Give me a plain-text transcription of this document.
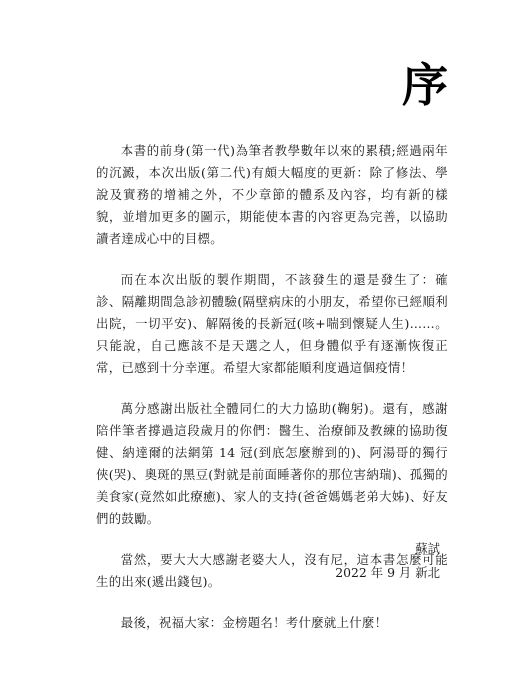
序

本書的前身(第一代)為筆者教學數年以來的累積;經過兩年的沉澱，本次出版(第二代)有頗大幅度的更新：除了修法、學說及實務的增補之外，不少章節的體系及內容，均有新的樣貌，並增加更多的圖示，期能使本書的內容更為完善，以協助讀者達成心中的目標。

而在本次出版的製作期間，不該發生的還是發生了：確診、隔離期間急診初體驗(隔壁病床的小朋友，希望你已經順利出院，一切平安)、解隔後的長新冠(咳+喘到懷疑人生)……。只能說，自己應該不是天選之人，但身體似乎有逐漸恢復正常，已感到十分幸運。希望大家都能順利度過這個疫情！

萬分感謝出版社全體同仁的大力協助(鞠躬)。還有，感謝陪伴筆者撐過這段歲月的你們：醫生、治療師及教練的協助復健、納達爾的法網第 14 冠(到底怎麼辦到的)、阿湯哥的獨行俠(哭)、奧斑的黑豆(對就是前面睡著你的那位害納瑞)、孤獨的美食家(竟然如此療癒)、家人的支持(爸爸媽媽老弟大姊)、好友們的鼓勵。

當然，要大大大感謝老婆大人，沒有尼，這本書怎麼可能生的出來(遞出錢包)。

最後，祝福大家：金榜題名！考什麼就上什麼！

蘇試
2022 年 9 月 新北
